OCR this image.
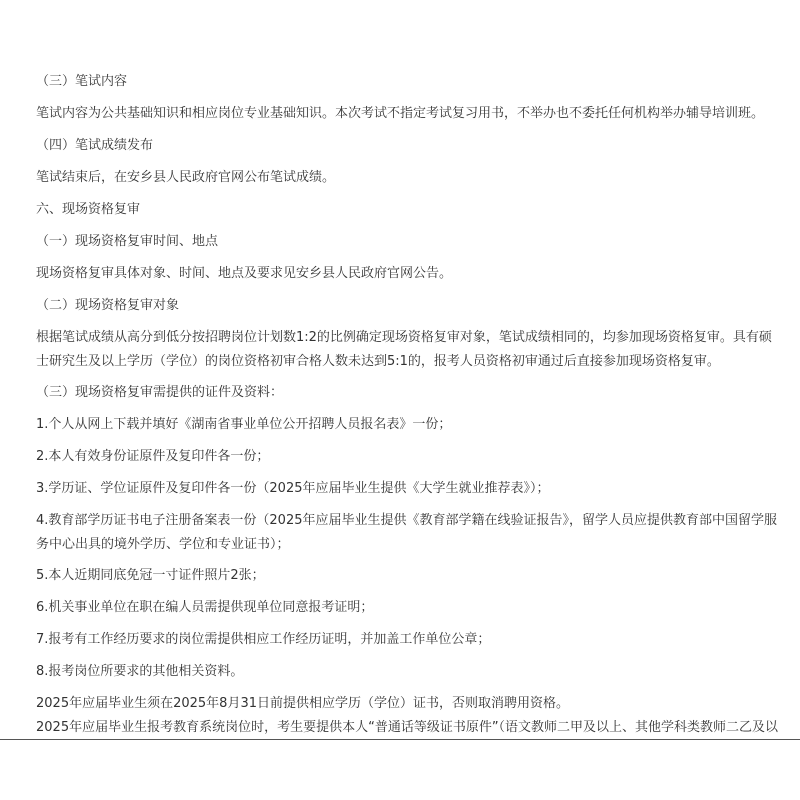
（三）笔试内容

笔试内容为公共基础知识和相应岗位专业基础知识。本次考试不指定考试复习用书，不举办也不委托任何机构举办辅导培训班。

（四）笔试成绩发布

笔试结束后，在安乡县人民政府官网公布笔试成绩。

六、现场资格复审

（一）现场资格复审时间、地点

现场资格复审具体对象、时间、地点及要求见安乡县人民政府官网公告。

（二）现场资格复审对象

根据笔试成绩从高分到低分按招聘岗位计划数1:2的比例确定现场资格复审对象，笔试成绩相同的，均参加现场资格复审。具有硕士研究生及以上学历（学位）的岗位资格初审合格人数未达到5:1的，报考人员资格初审通过后直接参加现场资格复审。

（三）现场资格复审需提供的证件及资料：

1.个人从网上下载并填好《湖南省事业单位公开招聘人员报名表》一份；

2.本人有效身份证原件及复印件各一份；

3.学历证、学位证原件及复印件各一份（2025年应届毕业生提供《大学生就业推荐表》）；

4.教育部学历证书电子注册备案表一份（2025年应届毕业生提供《教育部学籍在线验证报告》，留学人员应提供教育部中国留学服务中心出具的境外学历、学位和专业证书）；

5.本人近期同底免冠一寸证件照片2张；

6.机关事业单位在职在编人员需提供现单位同意报考证明；

7.报考有工作经历要求的岗位需提供相应工作经历证明，并加盖工作单位公章；

8.报考岗位所要求的其他相关资料。

2025年应届毕业生须在2025年8月31日前提供相应学历（学位）证书，否则取消聘用资格。

2025年应届毕业生报考教育系统岗位时，考生要提供本人“普通话等级证书原件”（语文教师二甲及以上、其他学科类教师二乙及以
